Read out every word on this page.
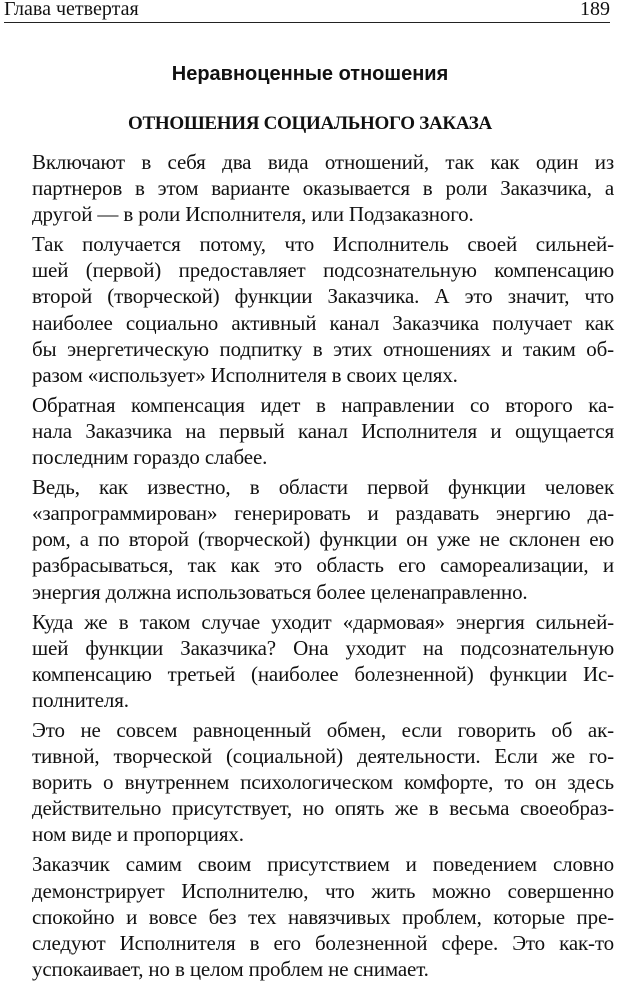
Глава четвертая	189
Неравноценные отношения
ОТНОШЕНИЯ СОЦИАЛЬНОГО ЗАКАЗА

Включают в себя два вида отношений, так как один из
партнеров в этом варианте оказывается в роли Заказчика, а
другой — в роли Исполнителя, или Подзаказного.

Так получается потому, что Исполнитель своей сильней-
шей (первой) предоставляет подсознательную компенсацию
второй (творческой) функции Заказчика. А это значит, что
наиболее социально активный канал Заказчика получает как
бы энергетическую подпитку в этих отношениях и таким об-
разом «использует» Исполнителя в своих целях.

Обратная компенсация идет в направлении со второго ка-
нала Заказчика на первый канал Исполнителя и ощущается
последним гораздо слабее.

Ведь, как известно, в области первой функции человек
«запрограммирован» генерировать и раздавать энергию да-
ром, а по второй (творческой) функции он уже не склонен ею
разбрасываться, так как это область его самореализации, и
энергия должна использоваться более целенаправленно.

Куда же в таком случае уходит «дармовая» энергия сильней-
шей функции Заказчика? Она уходит на подсознательную
компенсацию третьей (наиболее болезненной) функции Ис-
полнителя.

Это не совсем равноценный обмен, если говорить об ак-
тивной, творческой (социальной) деятельности. Если же го-
ворить о внутреннем психологическом комфорте, то он здесь
действительно присутствует, но опять же в весьма своеобраз-
ном виде и пропорциях.

Заказчик самим своим присутствием и поведением словно
демонстрирует Исполнителю, что жить можно совершенно
спокойно и вовсе без тех навязчивых проблем, которые пре-
следуют Исполнителя в его болезненной сфере. Это как-то
успокаивает, но в целом проблем не снимает.
